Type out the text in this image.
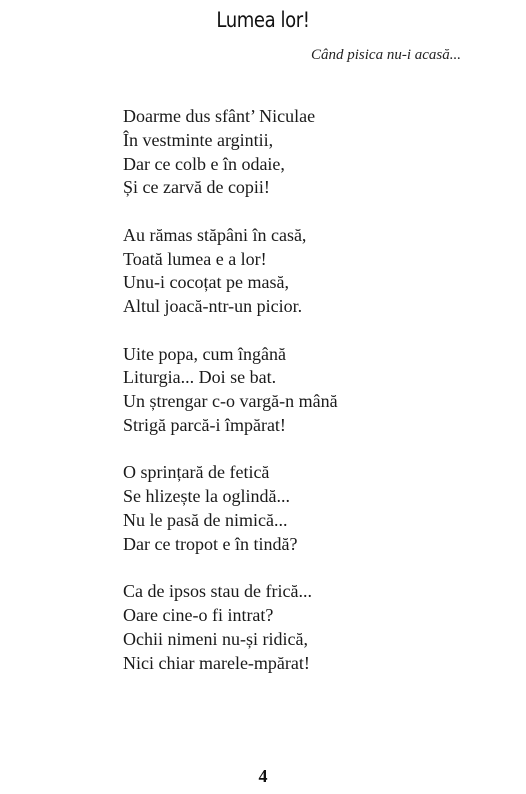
Lumea lor!
Când pisica nu-i acasă...
Doarme dus sfânt’ Niculae
În vestminte argintii,
Dar ce colb e în odaie,
Și ce zarvă de copii!
Au rămas stăpâni în casă,
Toată lumea e a lor!
Unu-i cocoțat pe masă,
Altul joacă-ntr-un picior.
Uite popa, cum îngână
Liturgia... Doi se bat.
Un ștrengar c-o vargă-n mână
Strigă parcă-i împărat!
O sprințară de fetică
Se hlizește la oglindă...
Nu le pasă de nimică...
Dar ce tropot e în tindă?
Ca de ipsos stau de frică...
Oare cine-o fi intrat?
Ochii nimeni nu-și ridică,
Nici chiar marele-mpărat!
4
